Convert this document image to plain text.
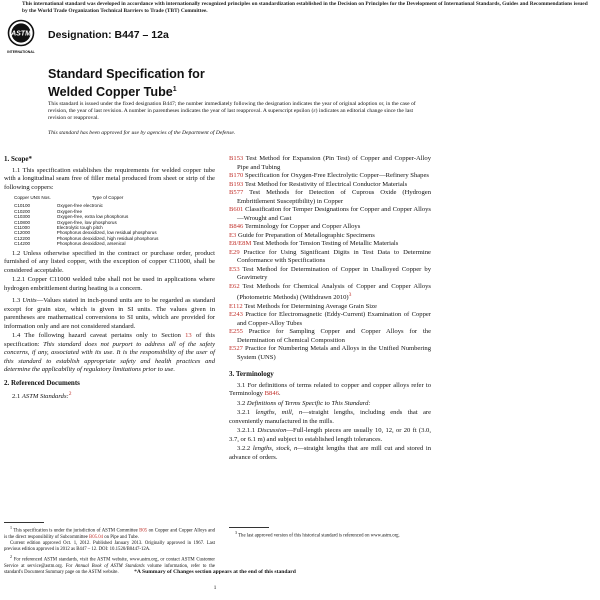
This international standard was developed in accordance with internationally recognized principles on standardization established in the Decision on Principles for the Development of International Standards, Guides and Recommendations issued by the World Trade Organization Technical Barriers to Trade (TBT) Committee.
ASTM
INTERNATIONAL
Designation: B447 – 12a
Standard Specification for
Welded Copper Tube$^1$
This standard is issued under the fixed designation B447; the number immediately following the designation indicates the year of original adoption or, in the case of revision, the year of last revision. A number in parentheses indicates the year of last reapproval. A superscript epsilon (ε) indicates an editorial change since the last revision or reapproval.
This standard has been approved for use by agencies of the Department of Defense.
1. Scope*

1.1 This specification establishes the requirements for welded copper tube with a longitudinal seam free of filler metal produced from sheet or strip of the following coppers:

Copper UNS Nos.	Type of Copper
C10100	Oxygen-free electronic
C10200	Oxygen-free
C10300	Oxygen-free, extra low phosphorus
C10800	Oxygen-free, low phosphorus
C11000	Electrolytic tough pitch
C12000	Phosphorus deoxidized, low residual phosphorus
C12200	Phosphorus deoxidized, high residual phosphorus
C14200	Phosphorus deoxidized, arsenical

1.2 Unless otherwise specified in the contract or purchase order, product furnished of any listed copper, with the exception of copper C11000, shall be considered acceptable.

1.2.1 Copper C11000 welded tube shall not be used in applications where hydrogen embrittlement during heating is a concern.

1.3 Units—Values stated in inch-pound units are to be regarded as standard except for grain size, which is given in SI units. The values given in parentheses are mathematical conversions to SI units, which are provided for information only and are not considered standard.

1.4 The following hazard caveat pertains only to Section 13 of this specification: This standard does not purport to address all of the safety concerns, if any, associated with its use. It is the responsibility of the user of this standard to establish appropriate safety and health practices and determine the applicability of regulatory limitations prior to use.

2. Referenced Documents

2.1 ASTM Standards:$^2$

$^1$ This specification is under the jurisdiction of ASTM Committee B05 on Copper and Copper Alloys and is the direct responsibility of Subcommittee B05.04 on Pipe and Tube.

Current edition approved Oct. 1, 2012. Published January 2013. Originally approved in 1967. Last previous edition approved in 2012 as B447 – 12. DOI: 10.1520/B0447-12A.

$^2$ For referenced ASTM standards, visit the ASTM website, www.astm.org, or contact ASTM Customer Service at service@astm.org. For Annual Book of ASTM Standards volume information, refer to the standard's Document Summary page on the ASTM website.

B153 Test Method for Expansion (Pin Test) of Copper and Copper-Alloy Pipe and Tubing

B170 Specification for Oxygen-Free Electrolytic Copper—Refinery Shapes

B193 Test Method for Resistivity of Electrical Conductor Materials

B577 Test Methods for Detection of Cuprous Oxide (Hydrogen Embrittlement Susceptibility) in Copper

B601 Classification for Temper Designations for Copper and Copper Alloys—Wrought and Cast

B846 Terminology for Copper and Copper Alloys

E3 Guide for Preparation of Metallographic Specimens

E8/E8M Test Methods for Tension Testing of Metallic Materials

E29 Practice for Using Significant Digits in Test Data to Determine Conformance with Specifications

E53 Test Method for Determination of Copper in Unalloyed Copper by Gravimetry

E62 Test Methods for Chemical Analysis of Copper and Copper Alloys (Photometric Methods) (Withdrawn 2010)$^3$

E112 Test Methods for Determining Average Grain Size

E243 Practice for Electromagnetic (Eddy-Current) Examination of Copper and Copper-Alloy Tubes

E255 Practice for Sampling Copper and Copper Alloys for the Determination of Chemical Composition

E527 Practice for Numbering Metals and Alloys in the Unified Numbering System (UNS)

3. Terminology

3.1 For definitions of terms related to copper and copper alloys refer to Terminology B846.

3.2 Definitions of Terms Specific to This Standard:

3.2.1 lengths, mill, n—straight lengths, including ends that are conveniently manufactured in the mills.

3.2.1.1 Discussion—Full-length pieces are usually 10, 12, or 20 ft (3.0, 3.7, or 6.1 m) and subject to established length tolerances.

3.2.2 lengths, stock, n—straight lengths that are mill cut and stored in advance of orders.

$^3$ The last approved version of this historical standard is referenced on www.astm.org.

*A Summary of Changes section appears at the end of this standard
1
